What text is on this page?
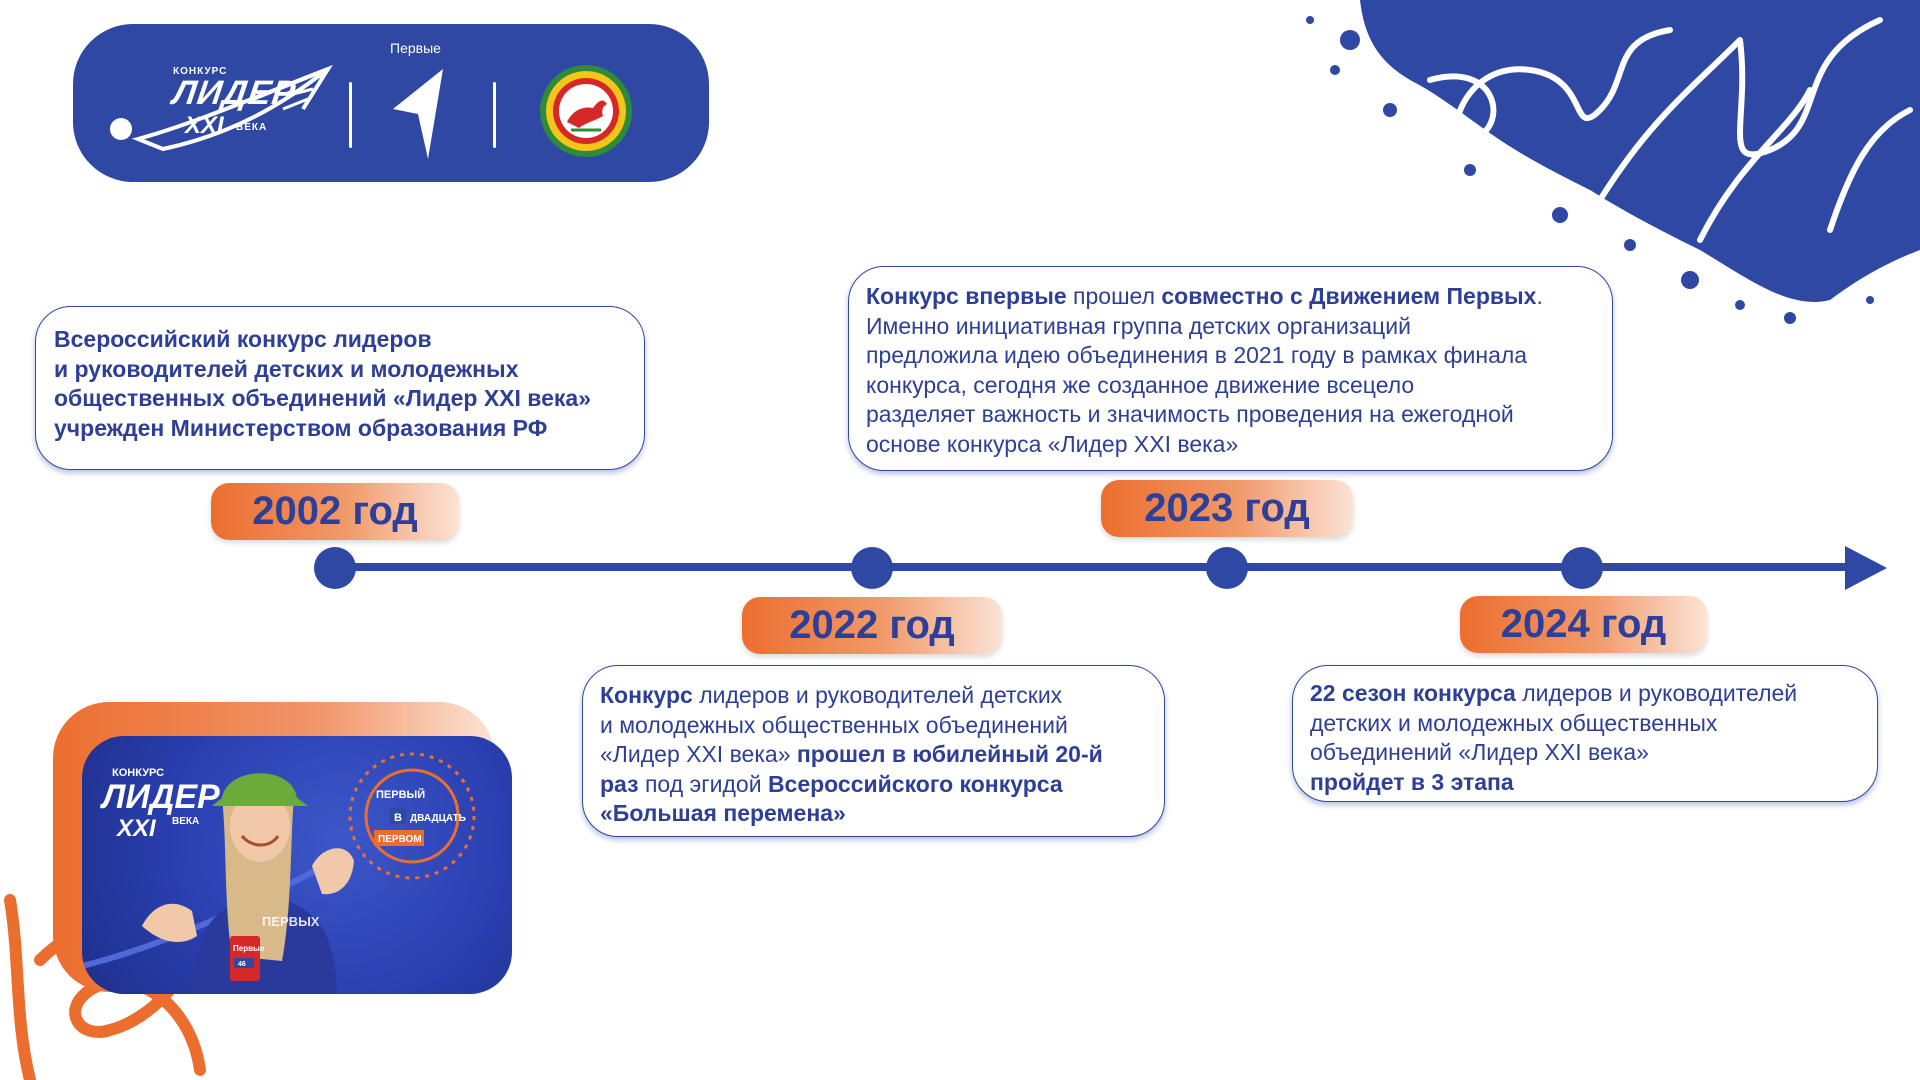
КОНКУРС
ЛИДЕР
XXI ВЕКА
Первые
Всероссийский конкурс лидеров
и руководителей детских и молодежных
общественных объединений «Лидер XXI века»
учрежден Министерством образования РФ
Конкурс впервые прошел совместно с Движением Первых.
Именно инициативная группа детских организаций
предложила идею объединения в 2021 году в рамках финала
конкурса, сегодня же созданное движение всецело
разделяет важность и значимость проведения на ежегодной
основе конкурса «Лидер XXI века»
Конкурс лидеров и руководителей детских
и молодежных общественных объединений
«Лидер XXI века» прошел в юбилейный 20-й
раз под эгидой Всероссийского конкурса
«Большая перемена»
22 сезон конкурса лидеров и руководителей
детских и молодежных общественных
объединений «Лидер XXI века»
пройдет в 3 этапа
2002 год	2023 год
2022 год	2024 год
КОНКУРС
ЛИДЕР
XXI ВЕКА
ПЕРВЫЙ
В ДВАДЦАТЬ
ПЕРВОМ
Первые
46
ПЕРВЫХ
